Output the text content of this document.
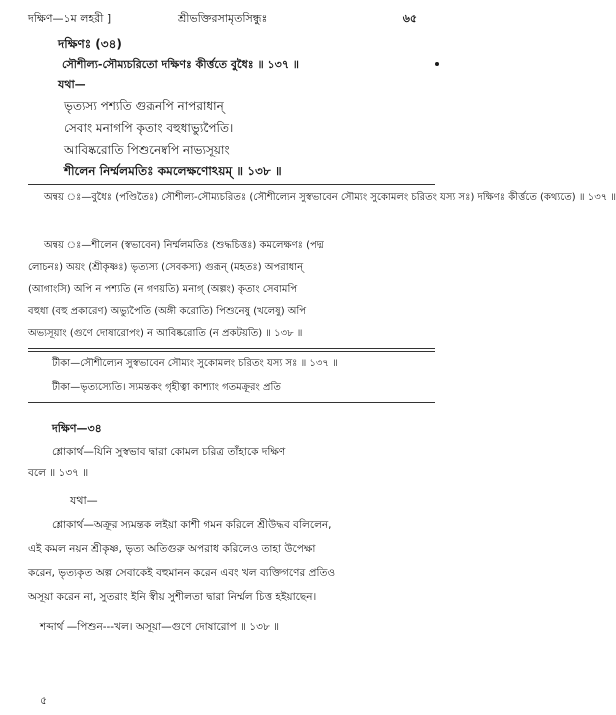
দক্ষিণ—১ম লহরী ]	শ্রীভক্তিরসামৃতসিন্ধুঃ	৬৫
দক্ষিণঃ (৩৪)
সৌশীল্য-সৌম্যচরিতো দক্ষিণঃ কীর্ত্ততে বুধৈঃ ॥ ১৩৭ ॥
যথা—
ভৃত্যস্য পশ্যতি গুরূনপি নাপরাধান্
সেবাং মনাগপি কৃতাং বহুধাভ্যুপৈতি।
আবিষ্করোতি পিশুনেষ্বপি নাভ্যসূয়াং
শীলেন নির্ম্মলমতিঃ কমলেক্ষণোঽয়ম্ ॥ ১৩৮ ॥
অন্বয় ঃ—বুধৈঃ (পণ্ডিতৈঃ) সৌশীল্য-সৌম্যচরিতঃ (সৌশীল্যেন সুস্বভাবেন সৌম্যং সুকোমলং চরিতং যস্য সঃ) দক্ষিণঃ কীর্ত্ততে (কথ্যতে) ॥ ১৩৭ ॥
অন্বয় ঃ—শীলেন (স্বভাবেন) নির্ম্মলমতিঃ (শুদ্ধচিত্তঃ) কমলেক্ষণঃ (পদ্ম
লোচনঃ) অয়ং (শ্রীকৃষ্ণঃ) ভৃত্যস্য (সেবকস্য) গুরূন্ (মহতঃ) অপরাধান্
(আগাংসি) অপি ন পশ্যতি (ন গণয়তি) মনাগ্ (অল্পং) কৃতাং সেবামপি
বহুধা (বহু প্রকারেণ) অভ্যুপৈতি (অঙ্গী করোতি) পিশুনেষু (খলেষু) অপি
অভ্যসূয়াং (গুণে দোষারোপং) ন আবিষ্করোতি (ন প্রকটয়তি) ॥ ১৩৮ ॥
টীকা—সৌশীল্যেন সুস্বভাবেন সৌম্যং সুকোমলং চরিতং যস্য সঃ ॥ ১৩৭ ॥
টীকা—ভৃত্যস্যেতি। স্যমন্তকং গৃহীত্বা কাশ্যাং গতমক্রূরং প্রতি
দক্ষিণ—৩৪
শ্লোকার্থ—যিনি সুস্বভাব দ্বারা কোমল চরিত্র তাঁহাকে দক্ষিণ
বলে ॥ ১৩৭ ॥
যথা—
শ্লোকার্থ—অক্রূর স্যমন্তক লইয়া কাশী গমন করিলে শ্রীউদ্ধব বলিলেন,
এই কমল নয়ন শ্রীকৃষ্ণ, ভৃত্য অতিগুরু অপরাধ করিলেও তাহা উপেক্ষা
করেন, ভৃত্যকৃত অল্প সেবাকেই বহুমানন করেন এবং খল ব্যক্তিগণের প্রতিও
অসূয়া করেন না, সুতরাং ইনি স্বীয় সুশীলতা দ্বারা নির্ম্মল চিত্ত হইয়াছেন।
শব্দার্থ —পিশুন---খল। অসূয়া—গুণে দোষারোপ ॥ ১৩৮ ॥
৫
